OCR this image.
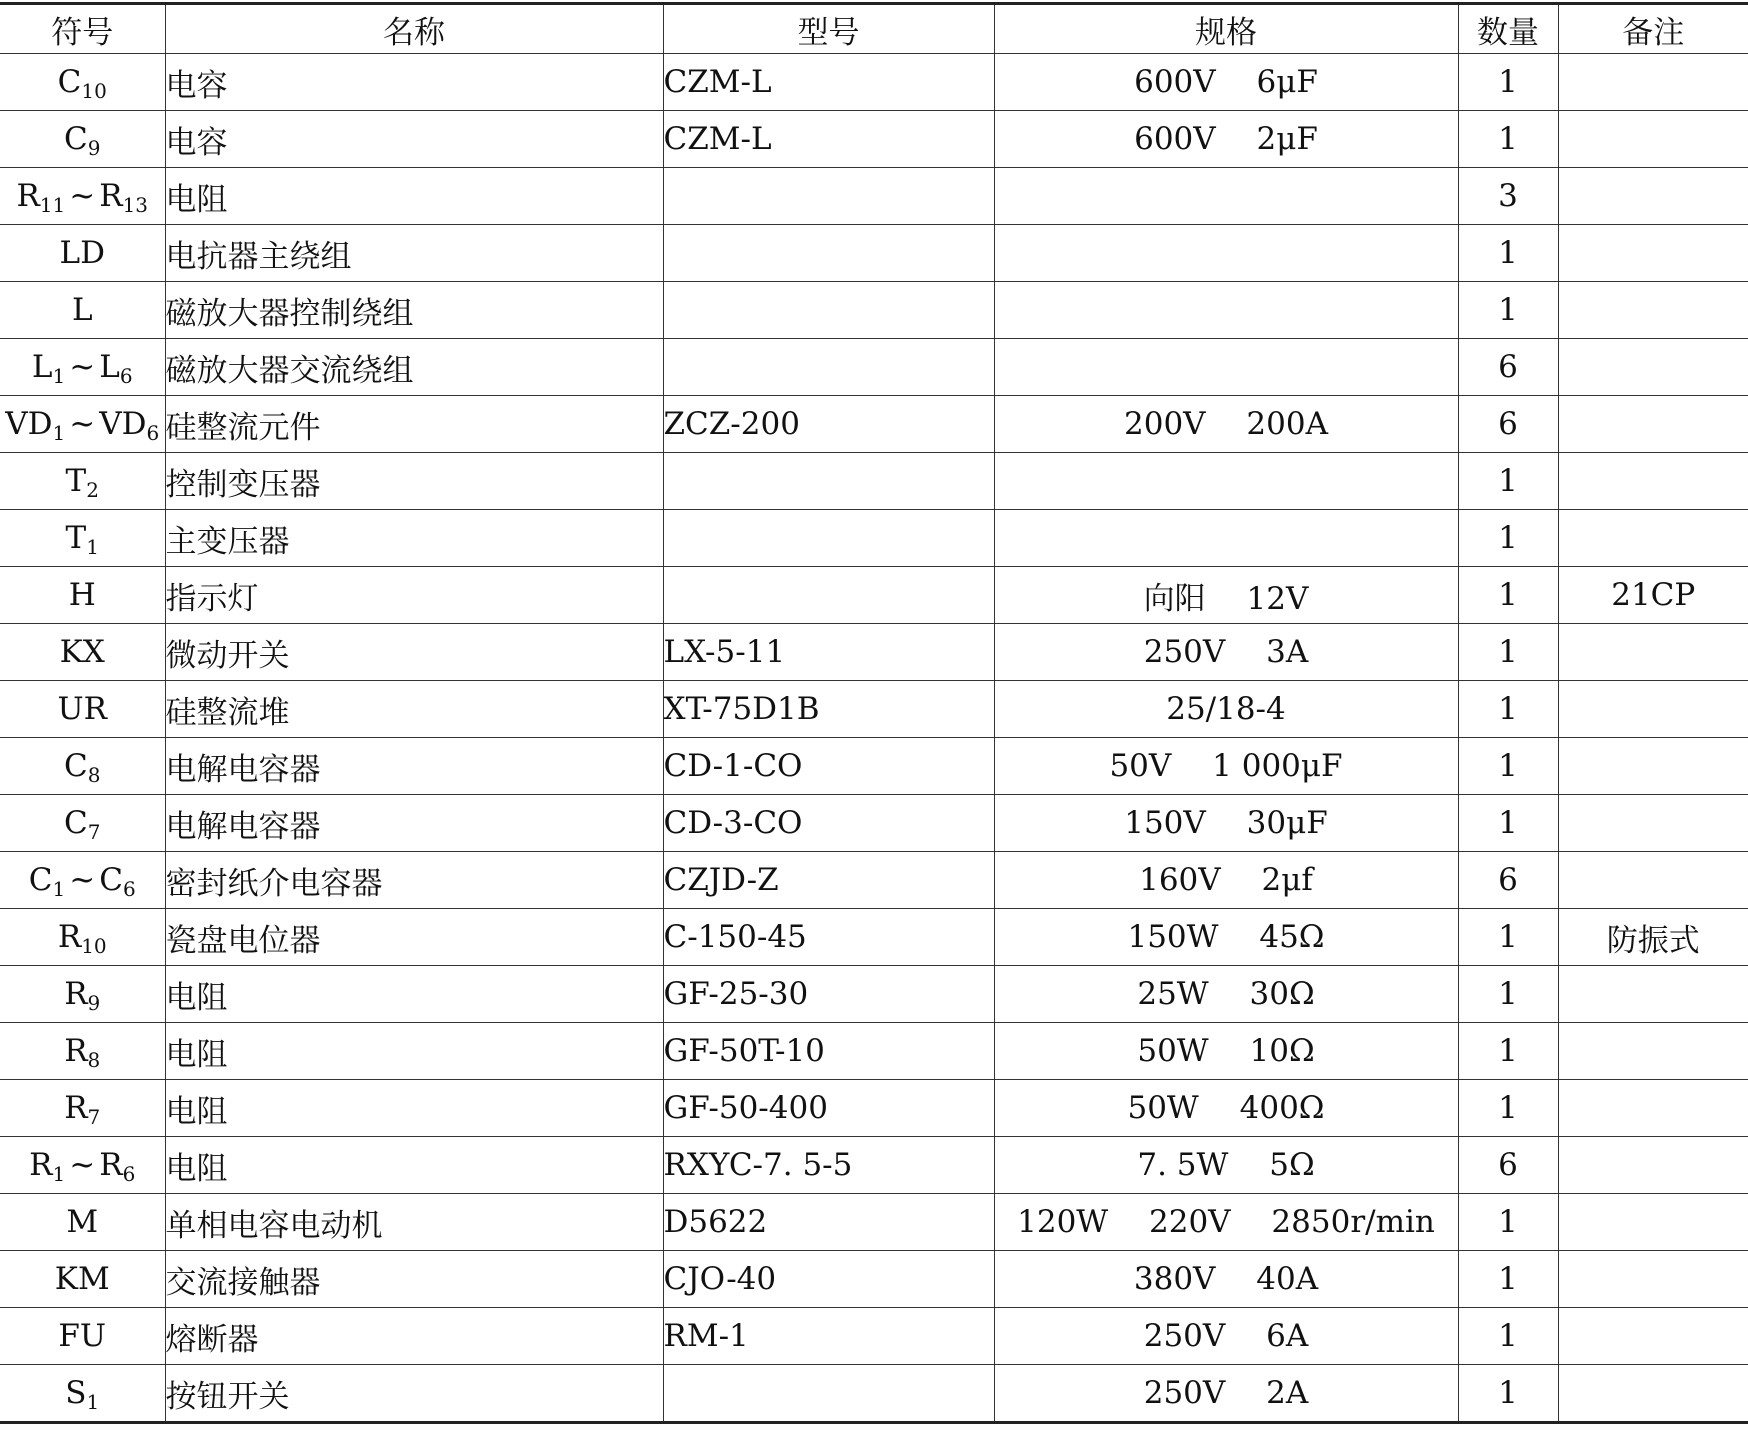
符号	名称	型号	规格	数量	备注
$C_{10}$	电容	CZM-L	600V  6μF	1	
$C_9$	电容	CZM-L	600V  2μF	1	
$R_{11}$ ~ $R_{13}$	电阻			3	
LD	电抗器主绕组			1	
L	磁放大器控制绕组			1	
$L_1$ ~ $L_6$	磁放大器交流绕组			6	
$VD_1$ ~ $VD_6$	硅整流元件	ZCZ-200	200V  200A	6	
$T_2$	控制变压器			1	
$T_1$	主变压器			1	
H	指示灯		向阳  12V	1	21CP
KX	微动开关	LX-5-11	250V  3A	1	
UR	硅整流堆	XT-75D1B	25/18-4	1	
$C_8$	电解电容器	CD-1-CO	50V  1 000μF	1	
$C_7$	电解电容器	CD-3-CO	150V  30μF	1	
$C_1$ ~ $C_6$	密封纸介电容器	CZJD-Z	160V  2μf	6	
$R_{10}$	瓷盘电位器	C-150-45	150W  45Ω	1	防振式
$R_9$	电阻	GF-25-30	25W  30Ω	1	
$R_8$	电阻	GF-50T-10	50W  10Ω	1	
$R_7$	电阻	GF-50-400	50W  400Ω	1	
$R_1$ ~ $R_6$	电阻	RXYC-7. 5-5	7. 5W  5Ω	6	
M	单相电容电动机	D5622	120W  220V  2850r/min	1	
KM	交流接触器	CJO-40	380V  40A	1	
FU	熔断器	RM-1	250V  6A	1	
$S_1$	按钮开关		250V  2A	1	
